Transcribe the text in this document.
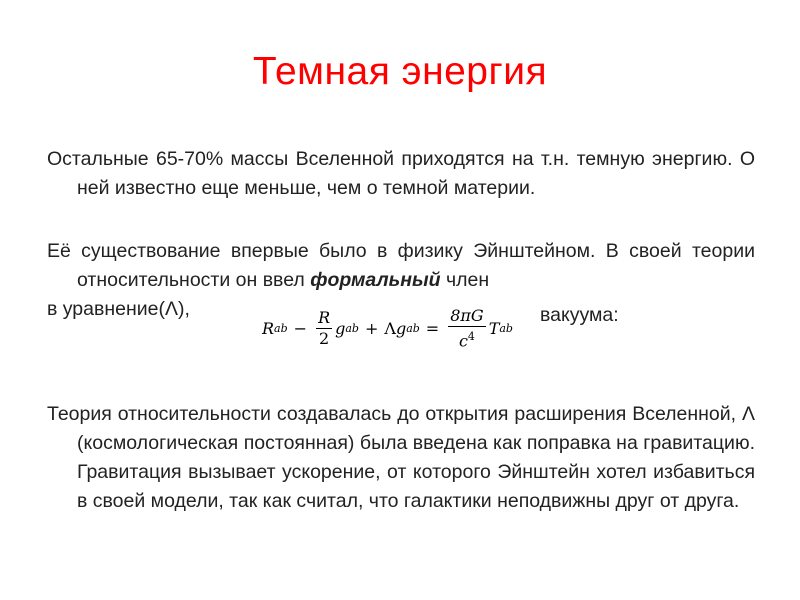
Темная энергия
Остальные 65-70% массы Вселенной приходятся на т.н. темную энергию. О ней известно еще меньше, чем о темной материи.
Её существование впервые было в физику Эйнштейном. В своей теории относительности он ввел формальный член
в уравнение(Λ),	вакуума:
R ab − $\frac{R}{2}$ g ab + Λ g ab = $\frac{8\pi G}{c^4}$ T ab
Теория относительности создавалась до открытия расширения Вселенной, Λ (космологическая постоянная) была введена как поправка на гравитацию. Гравитация вызывает ускорение, от которого Эйнштейн хотел избавиться в своей модели, так как считал, что галактики неподвижны друг от друга.
